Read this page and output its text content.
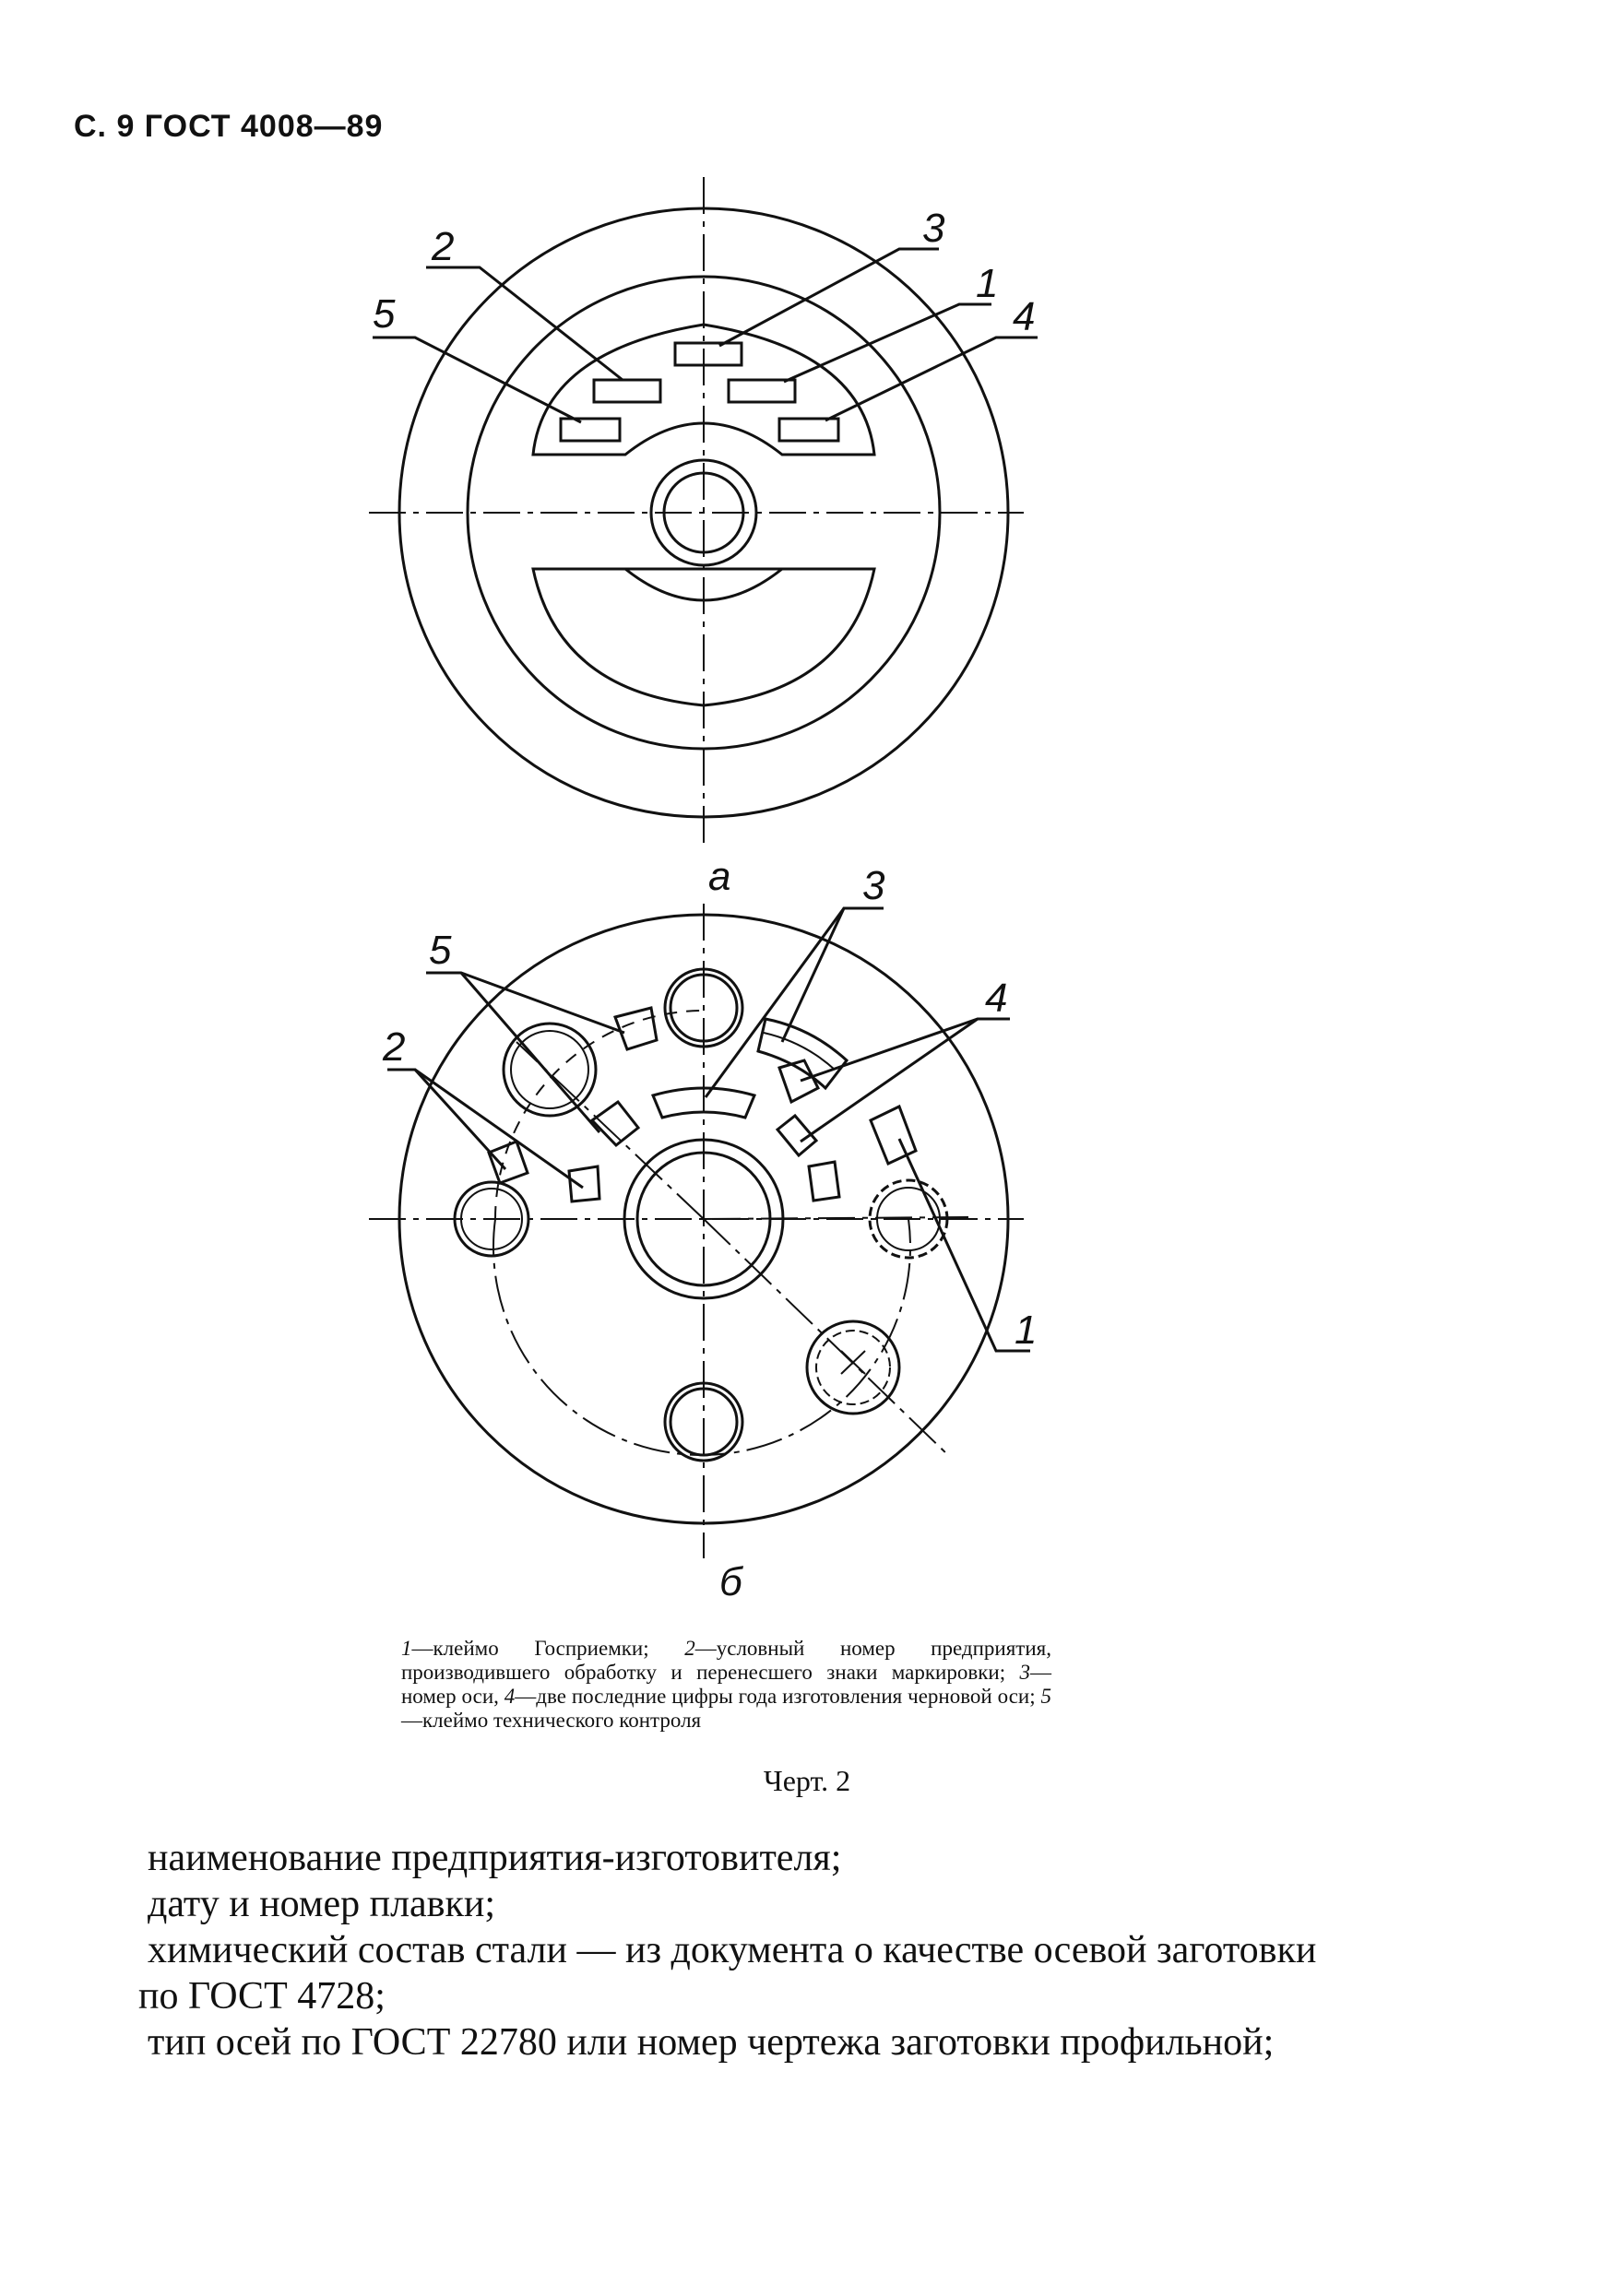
С. 9 ГОСТ 4008—89
а
б
2
5
3
1
4
5
2
3
4
1
1—клеймо Госприемки; 2—условный номер предприятия, производившего обработку и перенесшего знаки маркировки; 3—номер оси, 4—две последние цифры года изготовления черновой оси; 5—клеймо технического контроля
Черт. 2

наименование предприятия-изготовителя;

дату и номер плавки;

химический состав стали — из документа о качестве осевой заготовки по ГОСТ 4728;

тип осей по ГОСТ 22780 или номер чертежа заготовки профильной;
